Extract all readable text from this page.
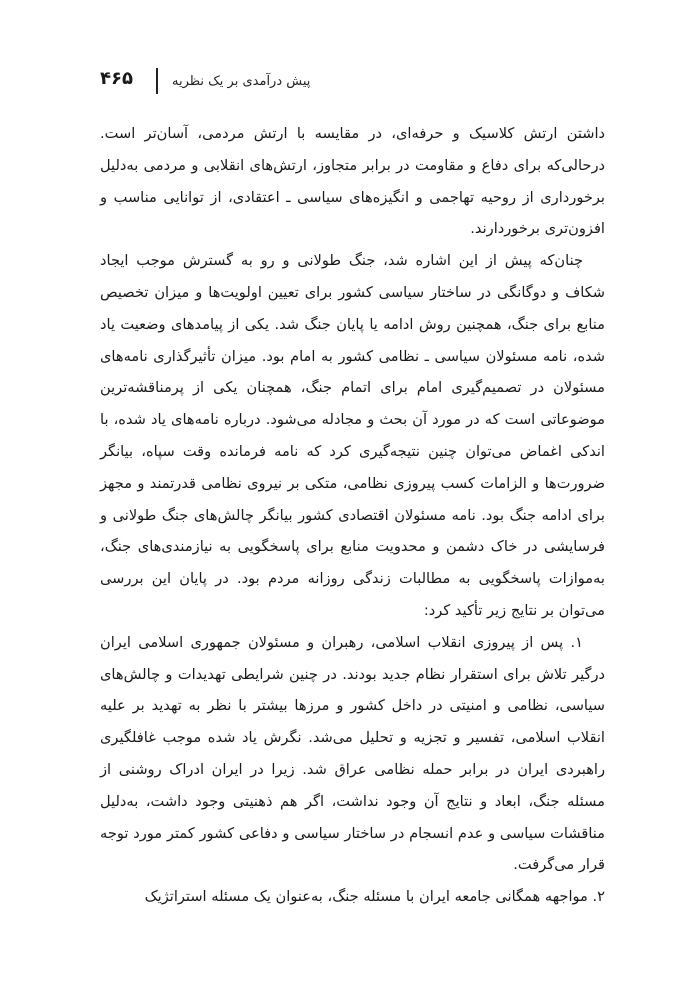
۴۶۵	پیش درآمدی بر یک نظریه

داشتن ارتش کلاسیک و حرفه‌ای، در مقایسه با ارتش مردمی، آسان‌تر است. درحالی‌که برای دفاع و مقاومت در برابر متجاوز، ارتش‌های انقلابی و مردمی به‌دلیل برخورداری از روحیه تهاجمی و انگیزه‌های سیاسی ـ اعتقادی، از توانایی مناسب و افزون‌تری برخوردارند.

چنان‌که پیش از این اشاره شد، جنگ طولانی و رو به گسترش موجب ایجاد شکاف و دوگانگی در ساختار سیاسی کشور برای تعیین اولویت‌ها و میزان تخصیص منابع برای جنگ، همچنین روش ادامه یا پایان جنگ شد. یکی از پیامدهای وضعیت یاد شده، نامه مسئولان سیاسی ـ نظامی کشور به امام بود. میزان تأثیرگذاری نامه‌های مسئولان در تصمیم‌گیری امام برای اتمام جنگ، همچنان یکی از پرمناقشه‌ترین موضوعاتی است که در مورد آن بحث و مجادله می‌شود. درباره نامه‌های یاد شده، با اندکی اغماض می‌توان چنین نتیجه‌گیری کرد که نامه فرمانده وقت سپاه، بیانگر ضرورت‌ها و الزامات کسب پیروزی نظامی، متکی بر نیروی نظامی قدرتمند و مجهز برای ادامه جنگ بود. نامه مسئولان اقتصادی کشور بیانگر چالش‌های جنگ طولانی و فرسایشی در خاک دشمن و محدویت منابع برای پاسخگویی به نیازمندی‌های جنگ، به‌موازات پاسخگویی به مطالبات زندگی روزانه مردم بود. در پایان این بررسی می‌توان بر نتایج زیر تأکید کرد:

۱. پس از پیروزی انقلاب اسلامی، رهبران و مسئولان جمهوری اسلامی ایران درگیر تلاش برای استقرار نظام جدید بودند. در چنین شرایطی تهدیدات و چالش‌های سیاسی، نظامی و امنیتی در داخل کشور و مرزها بیشتر با نظر به تهدید بر علیه انقلاب اسلامی، تفسیر و تجزیه و تحلیل می‌شد. نگرش یاد شده موجب غافلگیری راهبردی ایران در برابر حمله نظامی عراق شد. زیرا در ایران ادراک روشنی از مسئله جنگ، ابعاد و نتایج آن وجود نداشت، اگر هم ذهنیتی وجود داشت، به‌دلیل مناقشات سیاسی و عدم انسجام در ساختار سیاسی و دفاعی کشور کمتر مورد توجه قرار می‌گرفت.

۲. مواجهه همگانی جامعه ایران با مسئله جنگ، به‌عنوان یک مسئله استراتژیک
